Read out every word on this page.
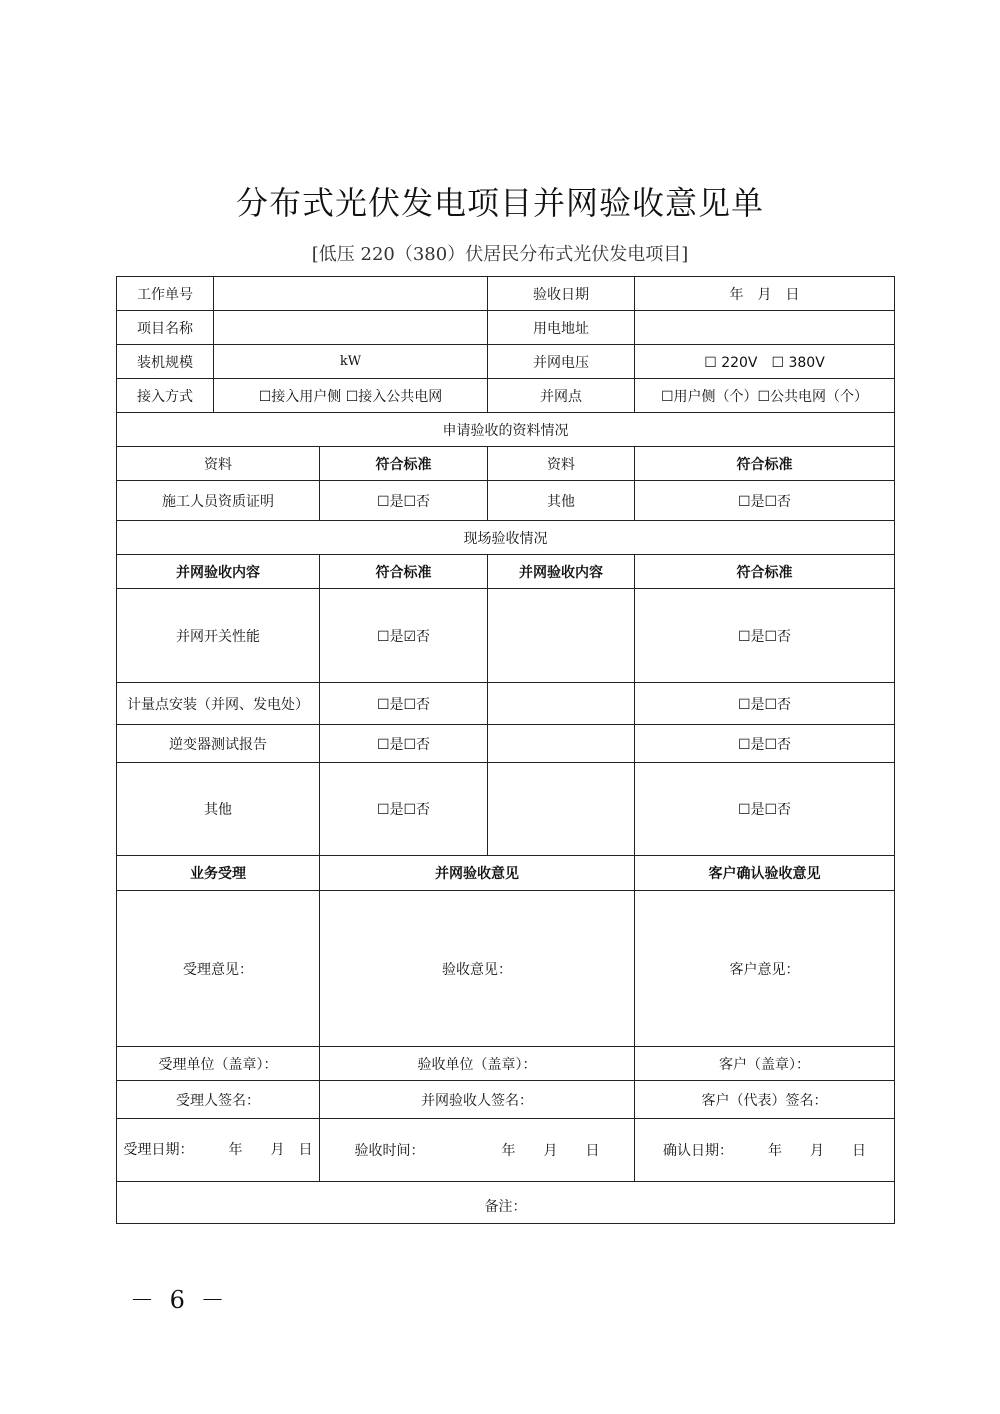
分布式光伏发电项目并网验收意见单
[低压 220（380）伏居民分布式光伏发电项目]
工作单号			验收日期	年　月　日
项目名称			用电地址	
装机规模	kW		并网电压	☐ 220V　☐ 380V
接入方式	☐接入用户侧 ☐接入公共电网		并网点	☐用户侧（个）☐公共电网（个）
申请验收的资料情况				
资料		符合标准	资料	符合标准
施工人员资质证明		☐是☐否	其他	☐是☐否
现场验收情况				
并网验收内容		符合标准	并网验收内容	符合标准
并网开关性能		☐是☑否		☐是☐否
计量点安装（并网、发电处）		☐是☐否		☐是☐否
逆变器测试报告		☐是☐否		☐是☐否
其他		☐是☐否		☐是☐否
业务受理		并网验收意见		客户确认验收意见
受理意见：		验收意见：		客户意见：
受理单位（盖章）：		验收单位（盖章）：		客户（盖章）：
受理人签名：		并网验收人签名：		客户（代表）签名：
受理日期：　　　年　　月　日		验收时间：　　　　　　年　　月　　日		确认日期：　　　年　　月　　日
备注：				
－ 6 －
